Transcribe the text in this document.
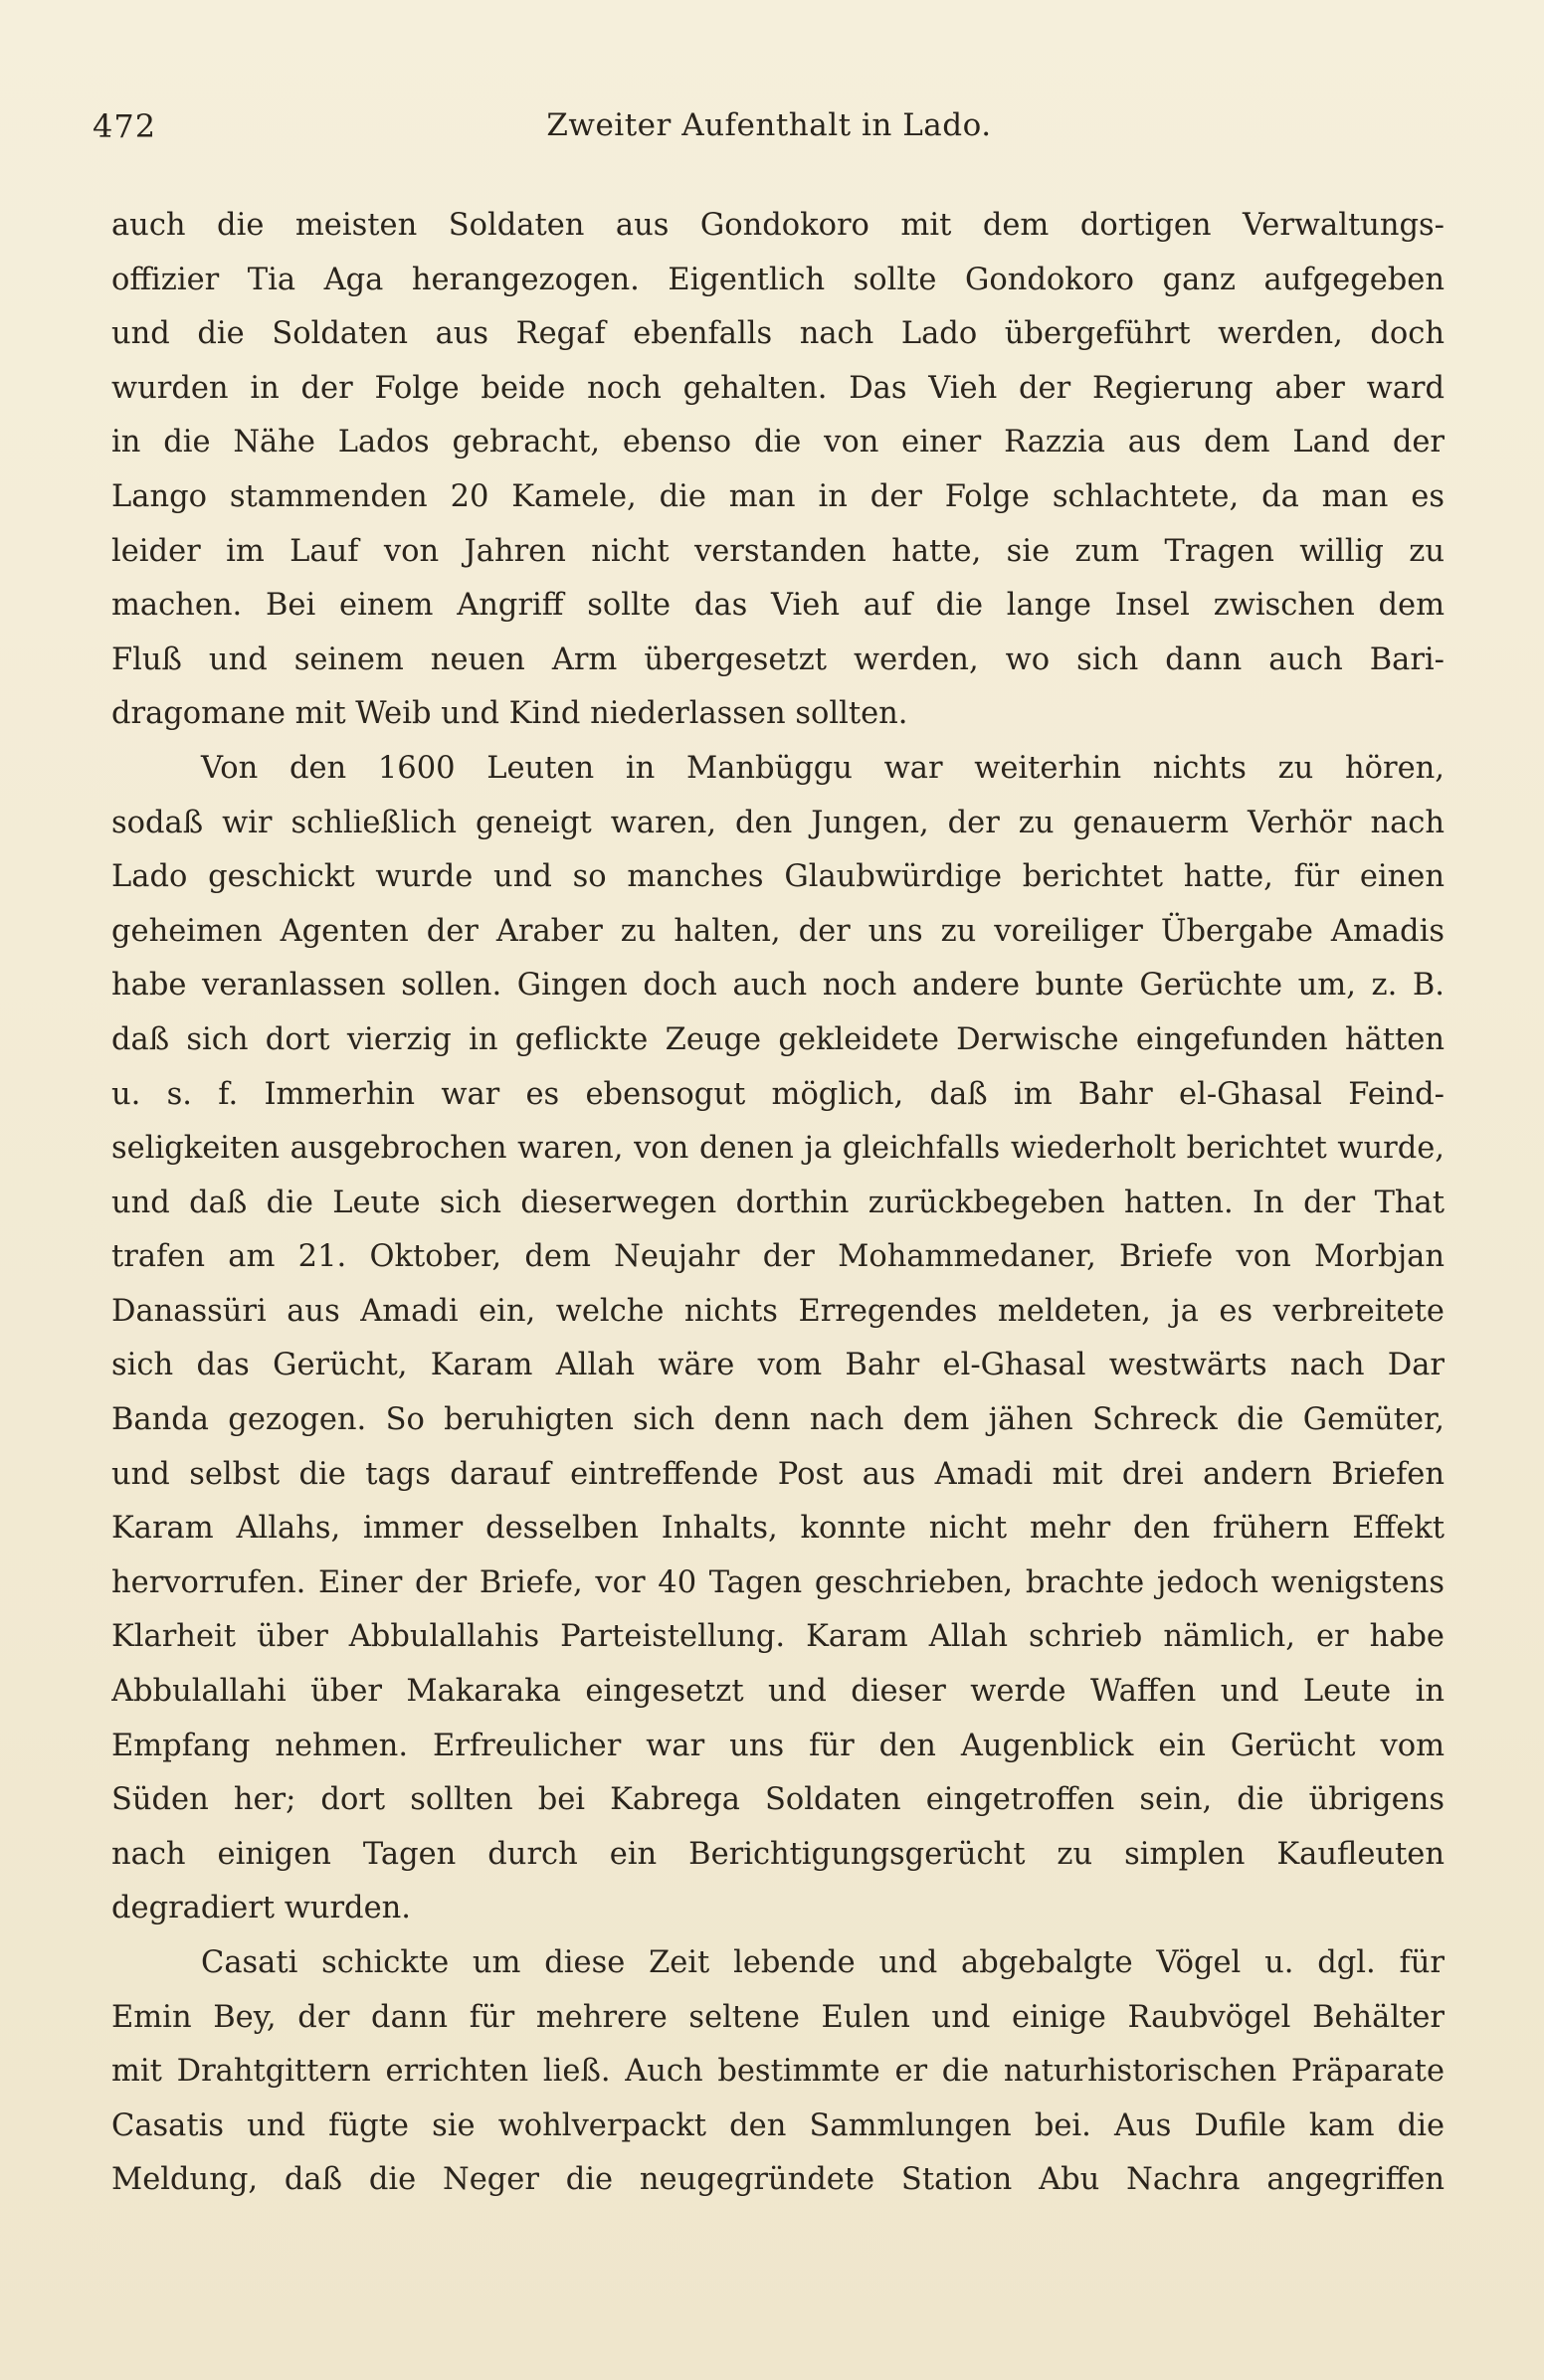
472	Zweiter Aufenthalt in Lado.
auch die meisten Soldaten aus Gondokoro mit dem dortigen Verwaltungs-
offizier Tia Aga herangezogen. Eigentlich sollte Gondokoro ganz aufgegeben
und die Soldaten aus Regaf ebenfalls nach Lado übergeführt werden, doch
wurden in der Folge beide noch gehalten. Das Vieh der Regierung aber ward
in die Nähe Lados gebracht, ebenso die von einer Razzia aus dem Land der
Lango stammenden 20 Kamele, die man in der Folge schlachtete, da man es
leider im Lauf von Jahren nicht verstanden hatte, sie zum Tragen willig zu
machen. Bei einem Angriff sollte das Vieh auf die lange Insel zwischen dem
Fluß und seinem neuen Arm übergesetzt werden, wo sich dann auch Bari-
dragomane mit Weib und Kind niederlassen sollten.
Von den 1600 Leuten in Manbüggu war weiterhin nichts zu hören,
sodaß wir schließlich geneigt waren, den Jungen, der zu genauerm Verhör nach
Lado geschickt wurde und so manches Glaubwürdige berichtet hatte, für einen
geheimen Agenten der Araber zu halten, der uns zu voreiliger Übergabe Amadis
habe veranlassen sollen. Gingen doch auch noch andere bunte Gerüchte um, z. B.
daß sich dort vierzig in geflickte Zeuge gekleidete Derwische eingefunden hätten
u. s. f. Immerhin war es ebensogut möglich, daß im Bahr el-Ghasal Feind-
seligkeiten ausgebrochen waren, von denen ja gleichfalls wiederholt berichtet wurde,
und daß die Leute sich dieserwegen dorthin zurückbegeben hatten. In der That
trafen am 21. Oktober, dem Neujahr der Mohammedaner, Briefe von Morbjan
Danassüri aus Amadi ein, welche nichts Erregendes meldeten, ja es verbreitete
sich das Gerücht, Karam Allah wäre vom Bahr el-Ghasal westwärts nach Dar
Banda gezogen. So beruhigten sich denn nach dem jähen Schreck die Gemüter,
und selbst die tags darauf eintreffende Post aus Amadi mit drei andern Briefen
Karam Allahs, immer desselben Inhalts, konnte nicht mehr den frühern Effekt
hervorrufen. Einer der Briefe, vor 40 Tagen geschrieben, brachte jedoch wenigstens
Klarheit über Abbulallahis Parteistellung. Karam Allah schrieb nämlich, er habe
Abbulallahi über Makaraka eingesetzt und dieser werde Waffen und Leute in
Empfang nehmen. Erfreulicher war uns für den Augenblick ein Gerücht vom
Süden her; dort sollten bei Kabrega Soldaten eingetroffen sein, die übrigens
nach einigen Tagen durch ein Berichtigungsgerücht zu simplen Kaufleuten
degradiert wurden.
Casati schickte um diese Zeit lebende und abgebalgte Vögel u. dgl. für
Emin Bey, der dann für mehrere seltene Eulen und einige Raubvögel Behälter
mit Drahtgittern errichten ließ. Auch bestimmte er die naturhistorischen Präparate
Casatis und fügte sie wohlverpackt den Sammlungen bei. Aus Dufile kam die
Meldung, daß die Neger die neugegründete Station Abu Nachra angegriffen
